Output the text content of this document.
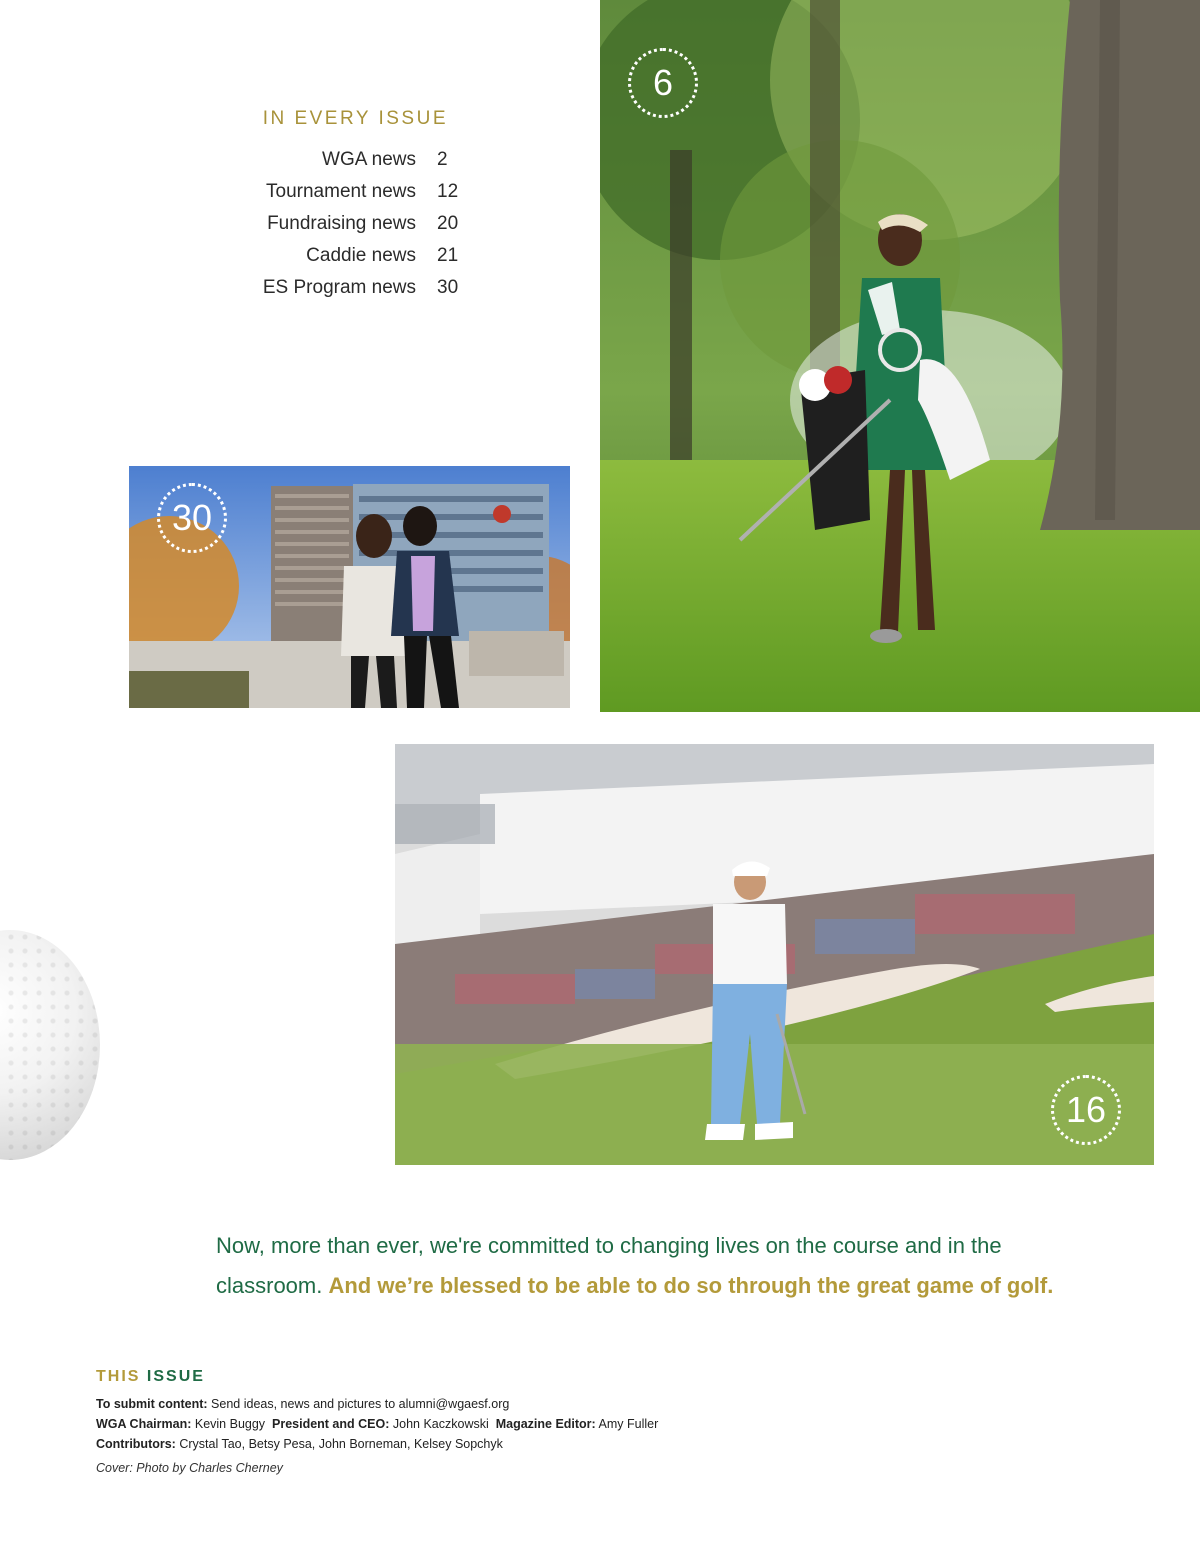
IN EVERY ISSUE
WGA news 2
Tournament news 12
Fundraising news 20
Caddie news 21
ES Program news 30
6
30
16
Now, more than ever, we're committed to changing lives on the course and in the classroom. And we’re blessed to be able to do so through the great game of golf.
THIS ISSUE
To submit content: Send ideas, news and pictures to alumni@wgaesf.org
WGA Chairman: Kevin Buggy President and CEO: John Kaczkowski Magazine Editor: Amy Fuller
Contributors: Crystal Tao, Betsy Pesa, John Borneman, Kelsey Sopchyk
Cover: Photo by Charles Cherney
